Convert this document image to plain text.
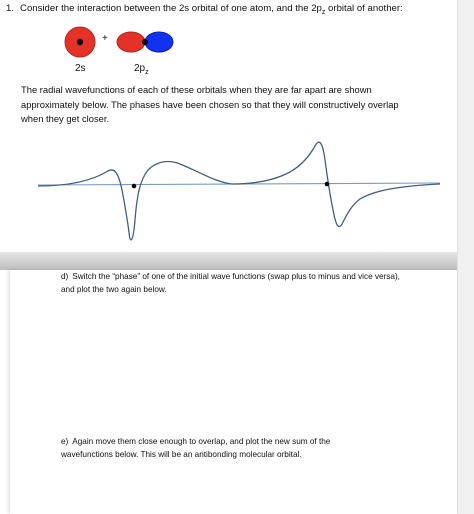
1. Consider the interaction between the 2s orbital of one atom, and the $2p_z$ orbital of another:
+
2s	$2p_z$
The radial wavefunctions of each of these orbitals when they are far apart are shown approximately below. The phases have been chosen so that they will constructively overlap when they get closer.
d) Switch the “phase” of one of the initial wave functions (swap plus to minus and vice versa), and plot the two again below.
e) Again move them close enough to overlap, and plot the new sum of the wavefunctions below. This will be an antibonding molecular orbital.
